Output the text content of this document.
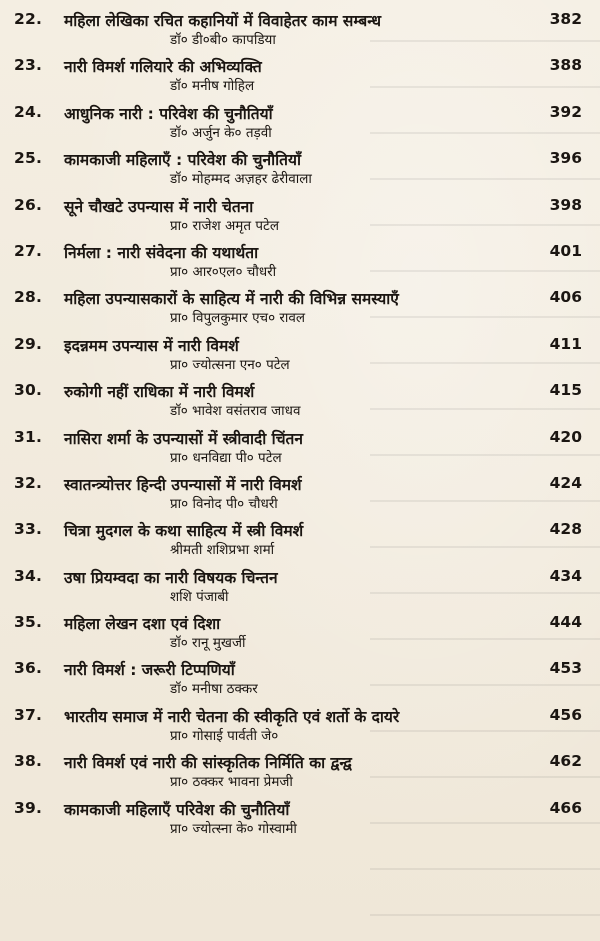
22.	महिला लेखिका रचित कहानियों में विवाहेतर काम सम्बन्ध	382
डॉ० डी०बी० कापडिया
23.	नारी विमर्श गलियारे की अभिव्यक्ति	388
डॉ० मनीष गोहिल
24.	आधुनिक नारी : परिवेश की चुनौतियाँ	392
डॉ० अर्जुन के० तड़वी
25.	कामकाजी महिलाएँ : परिवेश की चुनौतियाँ	396
डॉ० मोहम्मद अज़हर ढेरीवाला
26.	सूने चौखटे उपन्यास में नारी चेतना	398
प्रा० राजेश अमृत पटेल
27.	निर्मला : नारी संवेदना की यथार्थता	401
प्रा० आर०एल० चौधरी
28.	महिला उपन्यासकारों के साहित्य में नारी की विभिन्न समस्याएँ	406
प्रा० विपुलकुमार एच० रावल
29.	इदन्नमम उपन्यास में नारी विमर्श	411
प्रा० ज्योत्सना एन० पटेल
30.	रुकोगी नहीं राधिका में नारी विमर्श	415
डॉ० भावेश वसंतराव जाधव
31.	नासिरा शर्मा के उपन्यासों में स्त्रीवादी चिंतन	420
प्रा० धनविद्या पी० पटेल
32.	स्वातन्त्र्योत्तर हिन्दी उपन्यासों में नारी विमर्श	424
प्रा० विनोद पी० चौधरी
33.	चित्रा मुदगल के कथा साहित्य में स्त्री विमर्श	428
श्रीमती शशिप्रभा शर्मा
34.	उषा प्रियम्वदा का नारी विषयक चिन्तन	434
शशि पंजाबी
35.	महिला लेखन दशा एवं दिशा	444
डॉ० रानू मुखर्जी
36.	नारी विमर्श : जरूरी टिप्पणियाँ	453
डॉ० मनीषा ठक्कर
37.	भारतीय समाज में नारी चेतना की स्वीकृति एवं शर्तो के दायरे	456
प्रा० गोसाई पार्वती जे०
38.	नारी विमर्श एवं नारी की सांस्कृतिक निर्मिति का द्वन्द्व	462
प्रा० ठक्कर भावना प्रेमजी
39.	कामकाजी महिलाएँ परिवेश की चुनौतियाँ	466
प्रा० ज्योत्स्ना के० गोस्वामी
